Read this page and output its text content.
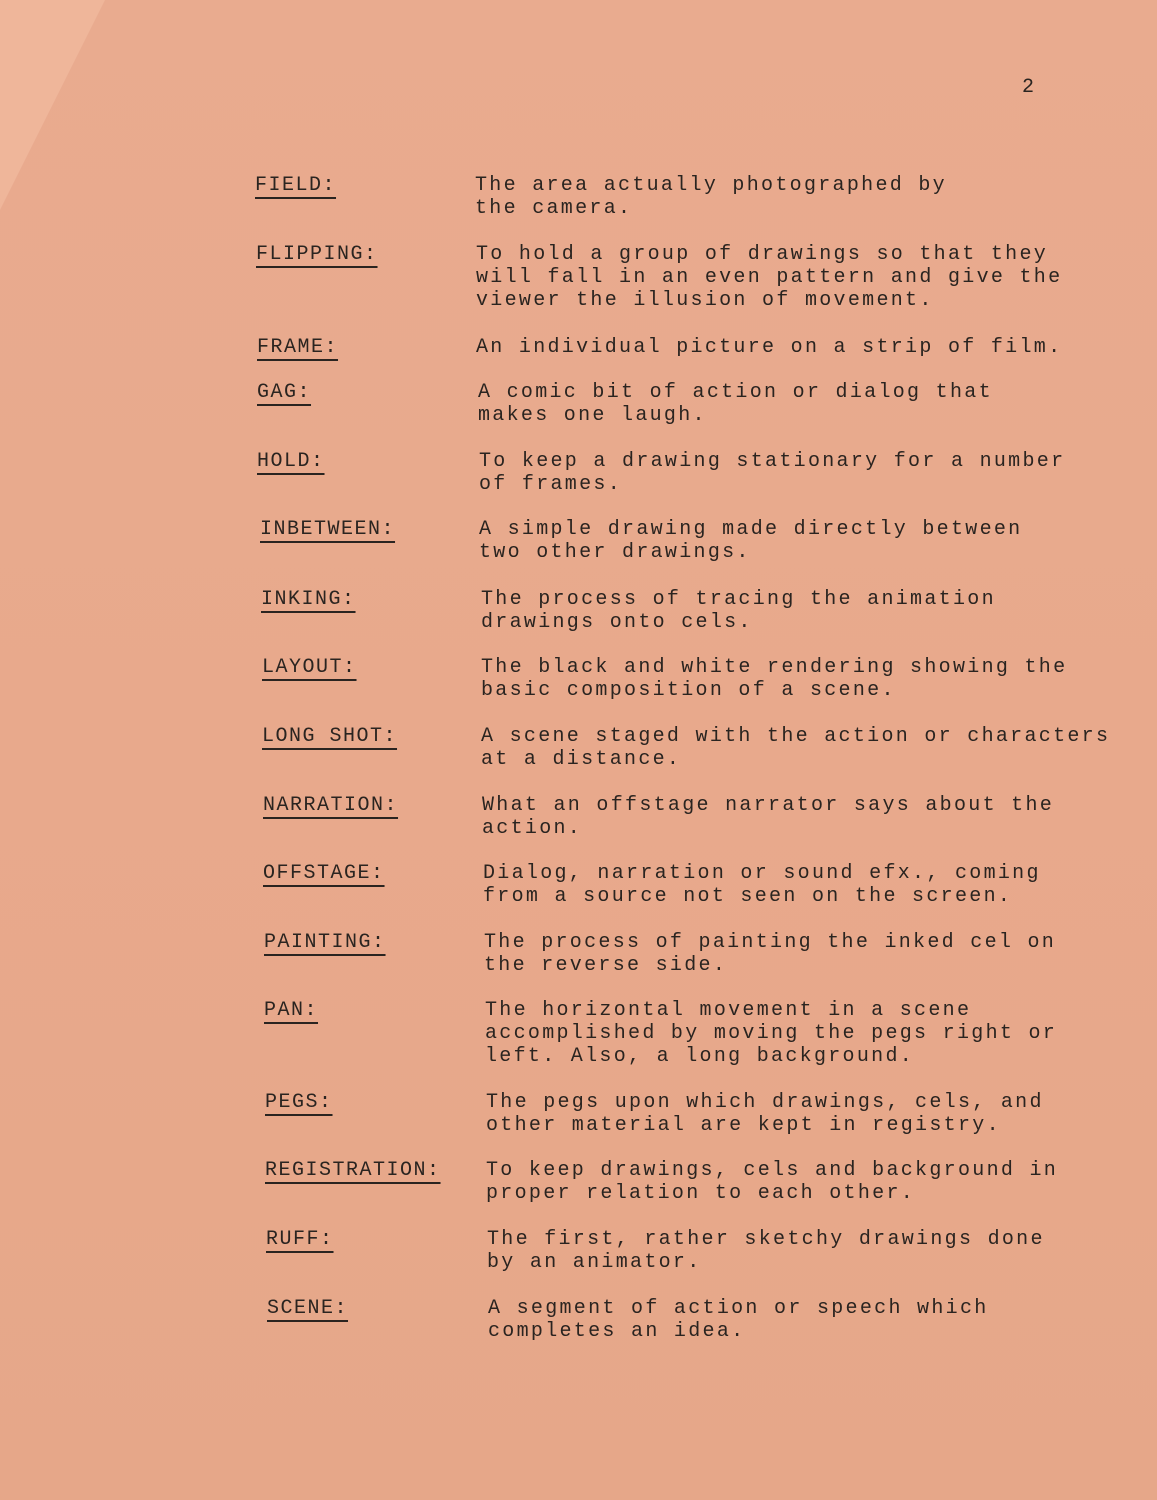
2
FIELD:	The area actually photographed by
the camera.
FLIPPING:	To hold a group of drawings so that they
will fall in an even pattern and give the
viewer the illusion of movement.
FRAME:	An individual picture on a strip of film.
GAG:	A comic bit of action or dialog that
makes one laugh.
HOLD:	To keep a drawing stationary for a number
of frames.
INBETWEEN:	A simple drawing made directly between
two other drawings.
INKING:	The process of tracing the animation
drawings onto cels.
LAYOUT:	The black and white rendering showing the
basic composition of a scene.
LONG SHOT:	A scene staged with the action or characters
at a distance.
NARRATION:	What an offstage narrator says about the
action.
OFFSTAGE:	Dialog, narration or sound efx., coming
from a source not seen on the screen.
PAINTING:	The process of painting the inked cel on
the reverse side.
PAN:	The horizontal movement in a scene
accomplished by moving the pegs right or
left. Also, a long background.
PEGS:	The pegs upon which drawings, cels, and
other material are kept in registry.
REGISTRATION: To keep drawings, cels and background in
proper relation to each other.
RUFF:	The first, rather sketchy drawings done
by an animator.
SCENE:	A segment of action or speech which
completes an idea.
